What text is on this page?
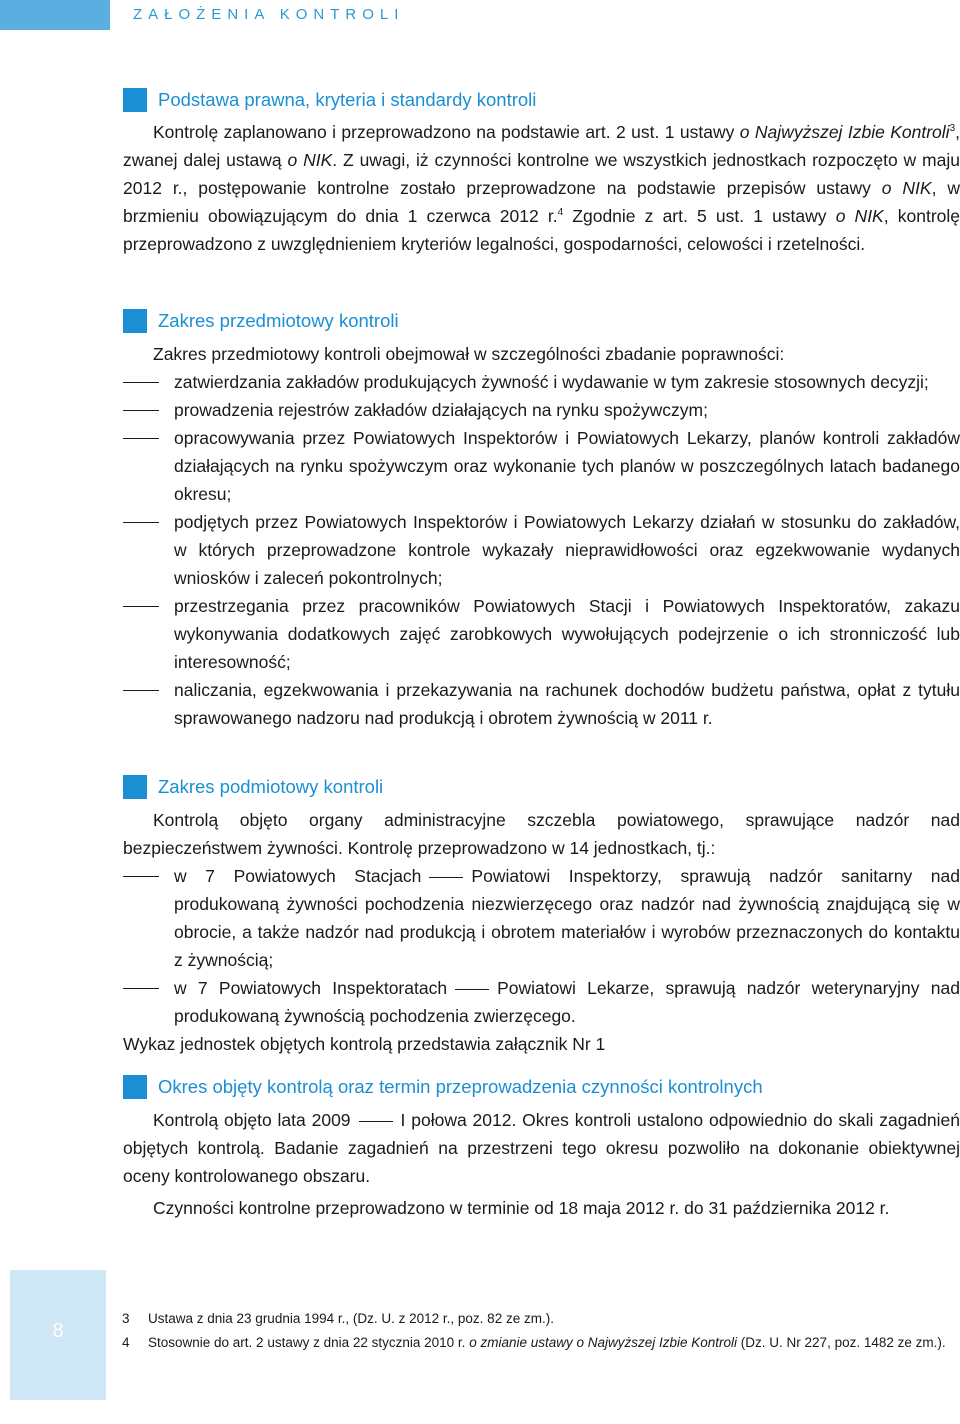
ZAŁOŻENIA KONTROLI
Podstawa prawna, kryteria i standardy kontroli

Kontrolę zaplanowano i przeprowadzono na podstawie art. 2 ust. 1 ustawy o Najwyższej Izbie Kontroli$^3$, zwanej dalej ustawą o NIK. Z uwagi, iż czynności kontrolne we wszystkich jednostkach rozpoczęto w maju 2012 r., postępowanie kontrolne zostało przeprowadzone na podstawie przepisów ustawy o NIK, w brzmieniu obowiązującym do dnia 1 czerwca 2012 r.$^4$ Zgodnie z art. 5 ust. 1 ustawy o NIK, kontrolę przeprowadzono z uwzględnieniem kryteriów legalności, gospodarności, celowości i rzetelności.

Zakres przedmiotowy kontroli

Zakres przedmiotowy kontroli obejmował w szczególności zbadanie poprawności:

zatwierdzania zakładów produkujących żywność i wydawanie w tym zakresie stosownych decyzji;
prowadzenia rejestrów zakładów działających na rynku spożywczym;
opracowywania przez Powiatowych Inspektorów i Powiatowych Lekarzy, planów kontroli zakładów działających na rynku spożywczym oraz wykonanie tych planów w poszczególnych latach badanego okresu;
podjętych przez Powiatowych Inspektorów i Powiatowych Lekarzy działań w stosunku do zakładów, w których przeprowadzone kontrole wykazały nieprawidłowości oraz egzekwowanie wydanych wniosków i zaleceń pokontrolnych;
przestrzegania przez pracowników Powiatowych Stacji i Powiatowych Inspektoratów, zakazu wykonywania dodatkowych zajęć zarobkowych wywołujących podejrzenie o ich stronniczość lub interesowność;
naliczania, egzekwowania i przekazywania na rachunek dochodów budżetu państwa, opłat z tytułu sprawowanego nadzoru nad produkcją i obrotem żywnością w 2011 r.
Zakres podmiotowy kontroli

Kontrolą objęto organy administracyjne szczebla powiatowego, sprawujące nadzór nad bezpieczeństwem żywności. Kontrolę przeprowadzono w 14 jednostkach, tj.:

w 7 Powiatowych Stacjach	Powiatowi Inspektorzy, sprawują nadzór sanitarny nad produkowaną żywności pochodzenia niezwierzęcego oraz nadzór nad żywnością znajdującą się w obrocie, a także nadzór nad produkcją i obrotem materiałów i wyrobów przeznaczonych do kontaktu z żywnością;
w 7 Powiatowych Inspektoratach	Powiatowi Lekarze, sprawują nadzór weterynaryjny nad produkowaną żywnością pochodzenia zwierzęcego.

Wykaz jednostek objętych kontrolą przedstawia załącznik Nr 1

Okres objęty kontrolą oraz termin przeprowadzenia czynności kontrolnych

Kontrolą objęto lata 2009	I połowa 2012. Okres kontroli ustalono odpowiednio do skali zagadnień objętych kontrolą. Badanie zagadnień na przestrzeni tego okresu pozwoliło na dokonanie obiektywnej oceny kontrolowanego obszaru.

Czynności kontrolne przeprowadzono w terminie od 18 maja 2012 r. do 31 października 2012 r.

8
3 Ustawa z dnia 23 grudnia 1994 r., (Dz. U. z 2012 r., poz. 82 ze zm.).
4 Stosownie do art. 2 ustawy z dnia 22 stycznia 2010 r. o zmianie ustawy o Najwyższej Izbie Kontroli (Dz. U. Nr 227, poz. 1482 ze zm.).
